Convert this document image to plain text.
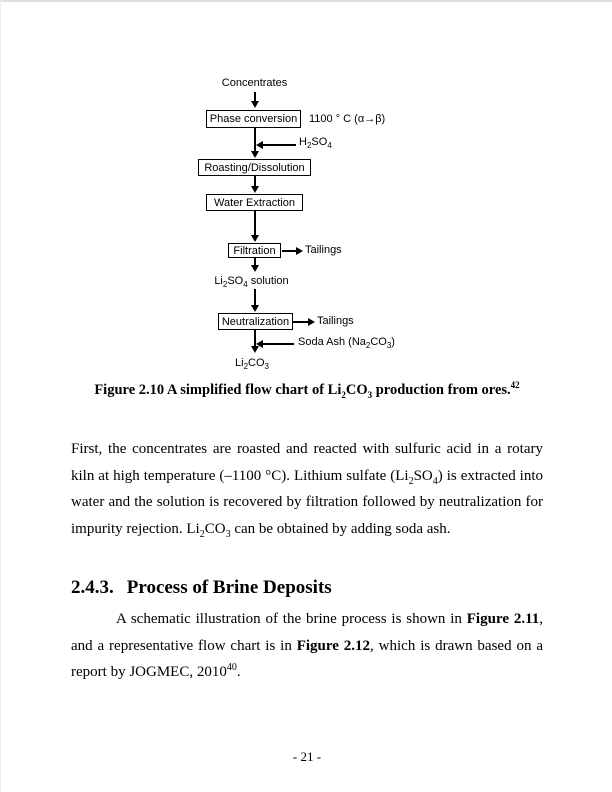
Concentrates
Phase conversion 1100 ° C (α→β)
$H_2SO_4$
Roasting/Dissolution
Water Extraction
Filtration	Tailings
$Li_2SO_4$ solution
Neutralization	Tailings
Soda Ash $(Na_2CO_3)$
$Li_2CO_3$
Figure 2.10 A simplified flow chart of $Li_2CO_3$ production from ores.$^{42}$
First, the concentrates are roasted and reacted with sulfuric acid in a rotary kiln at high temperature (–1100 °C). Lithium sulfate $(Li_2SO_4)$ is extracted into water and the solution is recovered by filtration followed by neutralization for impurity rejection. $Li_2CO_3$ can be obtained by adding soda ash.
2.4.3. Process of Brine Deposits
A schematic illustration of the brine process is shown in Figure 2.11, and a representative flow chart is in Figure 2.12, which is drawn based on a report by JOGMEC, 2010$^{40}$.
- 21 -
